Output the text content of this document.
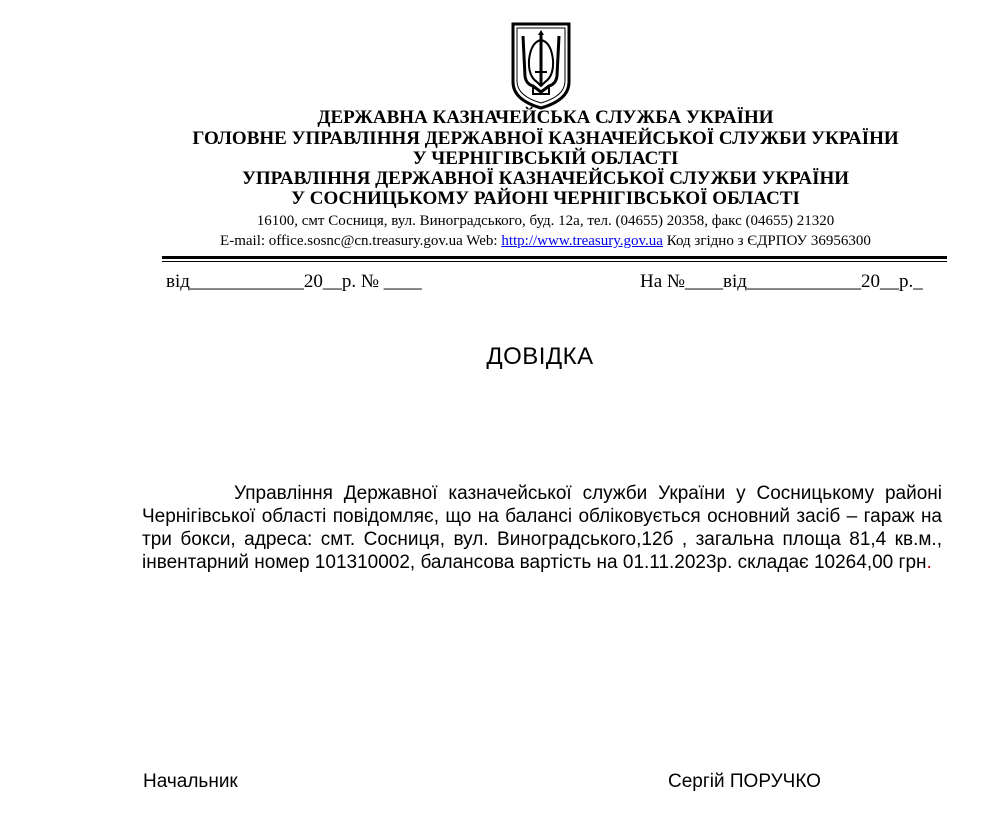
ДЕРЖАВНА КАЗНАЧЕЙСЬКА СЛУЖБА УКРАЇНИ
ГОЛОВНЕ УПРАВЛІННЯ ДЕРЖАВНОЇ КАЗНАЧЕЙСЬКОЇ СЛУЖБИ УКРАЇНИ
У ЧЕРНІГІВСЬКІЙ ОБЛАСТІ
УПРАВЛІННЯ ДЕРЖАВНОЇ КАЗНАЧЕЙСЬКОЇ СЛУЖБИ УКРАЇНИ
У СОСНИЦЬКОМУ РАЙОНІ ЧЕРНІГІВСЬКОЇ ОБЛАСТІ
16100, смт Сосниця, вул. Виноградського, буд. 12а, тел. (04655) 20358, факс (04655) 21320
E-mail: office.sosnc@cn.treasury.gov.ua Web: http://www.treasury.gov.ua Код згідно з ЄДРПОУ 36956300
від____________20__р. № ____	На №____від____________20__р._
ДОВІДКА
Управління Державної казначейської служби України у Сосницькому районі Чернігівської області повідомляє, що на балансі обліковується основний засіб – гараж на три бокси, адреса: смт. Сосниця, вул. Виноградського,12б , загальна площа 81,4 кв.м., інвентарний номер 101310002, балансова вартість на 01.11.2023р. складає 10264,00 грн.
Начальник	Сергій ПОРУЧКО
